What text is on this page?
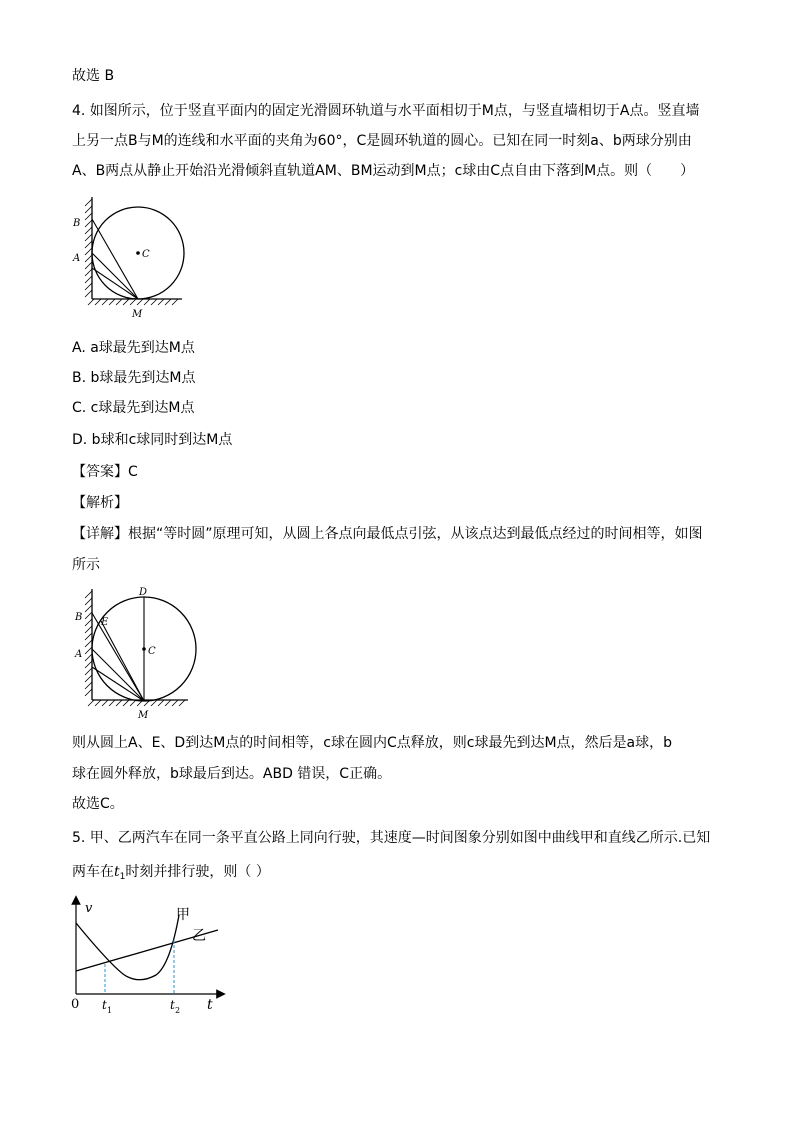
故选 B
4. 如图所示，位于竖直平面内的固定光滑圆环轨道与水平面相切于M点，与竖直墙相切于A点。竖直墙
上另一点B与M的连线和水平面的夹角为60°，C是圆环轨道的圆心。已知在同一时刻a、b两球分别由
A、B两点从静止开始沿光滑倾斜直轨道AM、BM运动到M点；c球由C点自由下落到M点。则（　　）
B
A	C
M
A. a球最先到达M点
B. b球最先到达M点
C. c球最先到达M点
D. b球和c球同时到达M点
【答案】C
【解析】
【详解】根据“等时圆”原理可知，从圆上各点向最低点引弦，从该点达到最低点经过的时间相等，如图
所示
D
B E
A	C
M
则从圆上A、E、D到达M点的时间相等，c球在圆内C点释放，则c球最先到达M点，然后是a球，b
球在圆外释放，b球最后到达。ABD 错误，C正确。
故选C。
5. 甲、乙两汽车在同一条平直公路上同向行驶，其速度—时间图象分别如图中曲线甲和直线乙所示.已知
两车在$t_1$时刻并排行驶，则（ ）
v	甲
乙
0 t 1	t 2 t
